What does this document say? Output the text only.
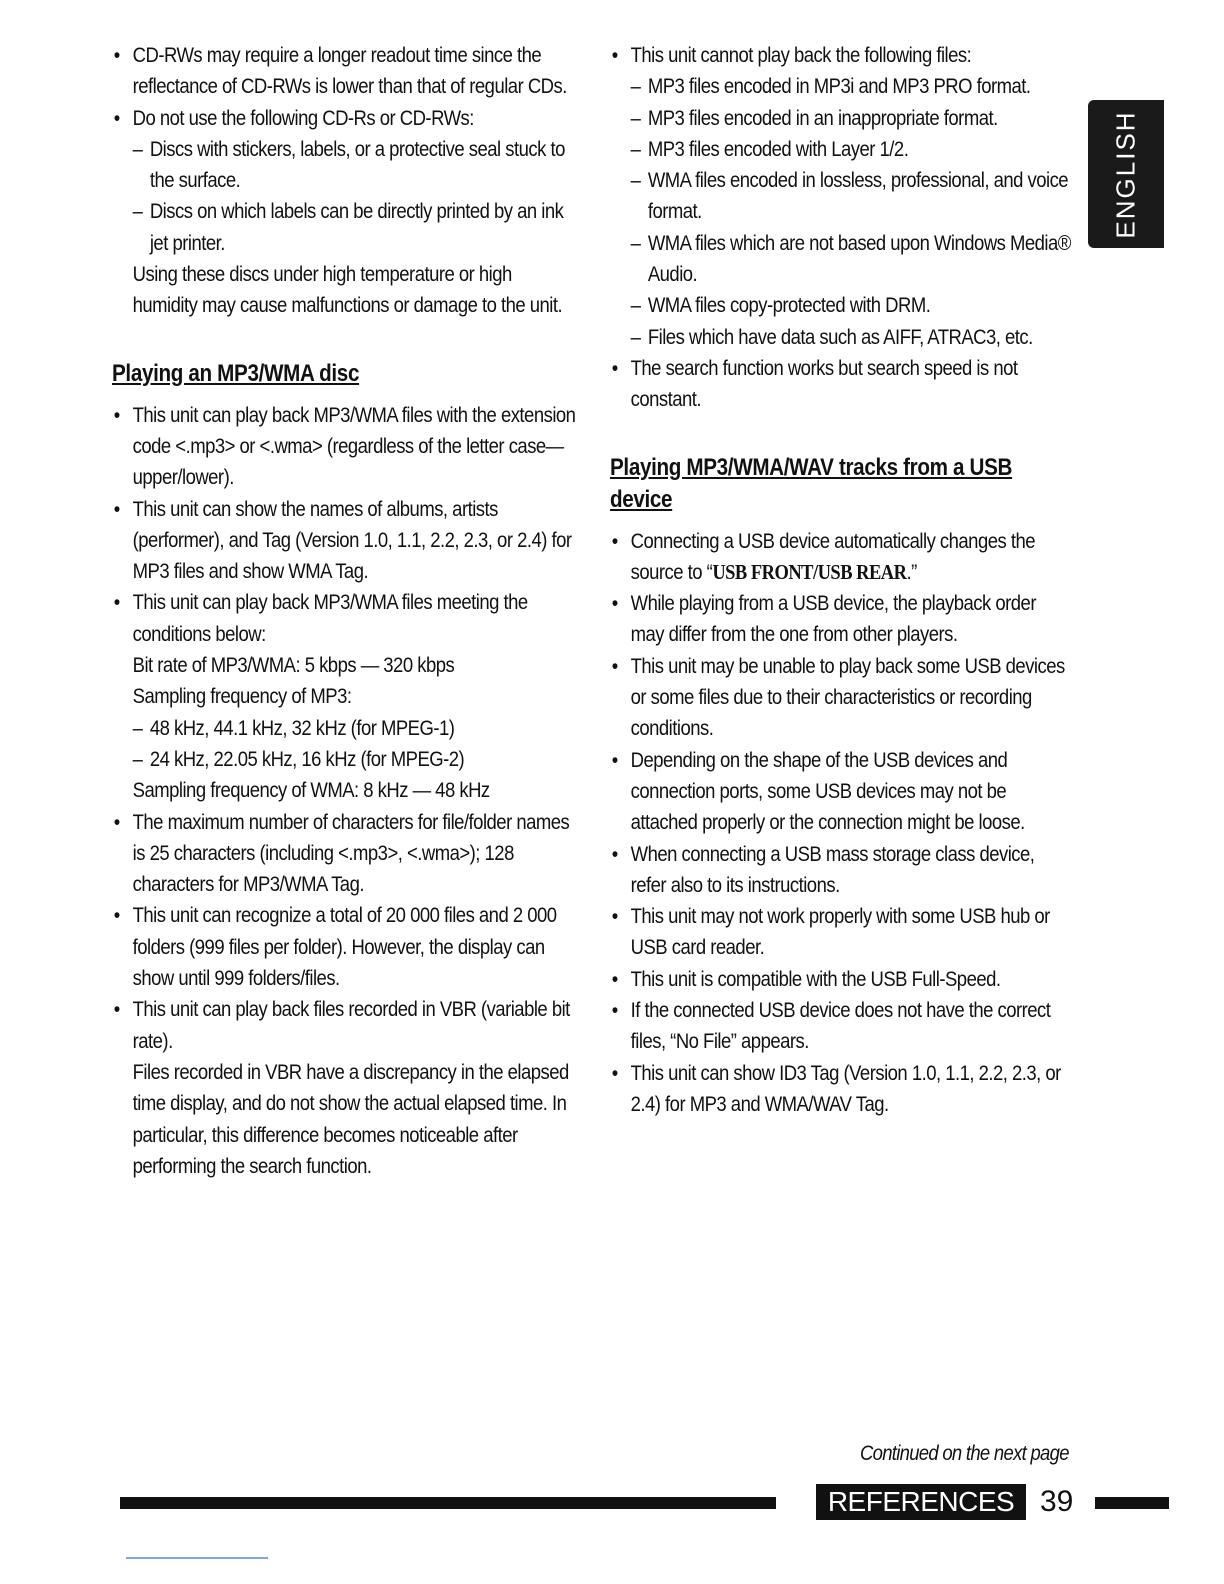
• CD-RWs may require a longer readout time since the reflectance of CD-RWs is lower than that of regular CDs.
• Do not use the following CD-Rs or CD-RWs:
– Discs with stickers, labels, or a protective seal stuck to the surface.
– Discs on which labels can be directly printed by an ink jet printer.

Using these discs under high temperature or high humidity may cause malfunctions or damage to the unit.

Playing an MP3/WMA disc
• This unit can play back MP3/WMA files with the extension code <.mp3> or <.wma> (regardless of the letter case—upper/lower).
• This unit can show the names of albums, artists (performer), and Tag (Version 1.0, 1.1, 2.2, 2.3, or 2.4) for MP3 files and show WMA Tag.
• This unit can play back MP3/WMA files meeting the conditions below:

Bit rate of MP3/WMA: 5 kbps — 320 kbps

Sampling frequency of MP3:

– 48 kHz, 44.1 kHz, 32 kHz (for MPEG-1)
– 24 kHz, 22.05 kHz, 16 kHz (for MPEG-2)

Sampling frequency of WMA: 8 kHz — 48 kHz

• The maximum number of characters for file/folder names is 25 characters (including <.mp3>, <.wma>); 128 characters for MP3/WMA Tag.
• This unit can recognize a total of 20 000 files and 2 000 folders (999 files per folder). However, the display can show until 999 folders/files.
• This unit can play back files recorded in VBR (variable bit rate).

Files recorded in VBR have a discrepancy in the elapsed time display, and do not show the actual elapsed time. In particular, this difference becomes noticeable after performing the search function.

• This unit cannot play back the following files:
– MP3 files encoded in MP3i and MP3 PRO format.
– MP3 files encoded in an inappropriate format.
– MP3 files encoded with Layer 1/2.
– WMA files encoded in lossless, professional, and voice format.
– WMA files which are not based upon Windows Media® Audio.
– WMA files copy-protected with DRM.
– Files which have data such as AIFF, ATRAC3, etc.
• The search function works but search speed is not constant.
Playing MP3/WMA/WAV tracks from a USB device
• Connecting a USB device automatically changes the source to “USB FRONT/USB REAR.”
• While playing from a USB device, the playback order may differ from the one from other players.
• This unit may be unable to play back some USB devices or some files due to their characteristics or recording conditions.
• Depending on the shape of the USB devices and connection ports, some USB devices may not be attached properly or the connection might be loose.
• When connecting a USB mass storage class device, refer also to its instructions.
• This unit may not work properly with some USB hub or USB card reader.
• This unit is compatible with the USB Full-Speed.
• If the connected USB device does not have the correct files, “No File” appears.
• This unit can show ID3 Tag (Version 1.0, 1.1, 2.2, 2.3, or 2.4) for MP3 and WMA/WAV Tag.
ENGLISH
Continued on the next page
REFERENCES 39
